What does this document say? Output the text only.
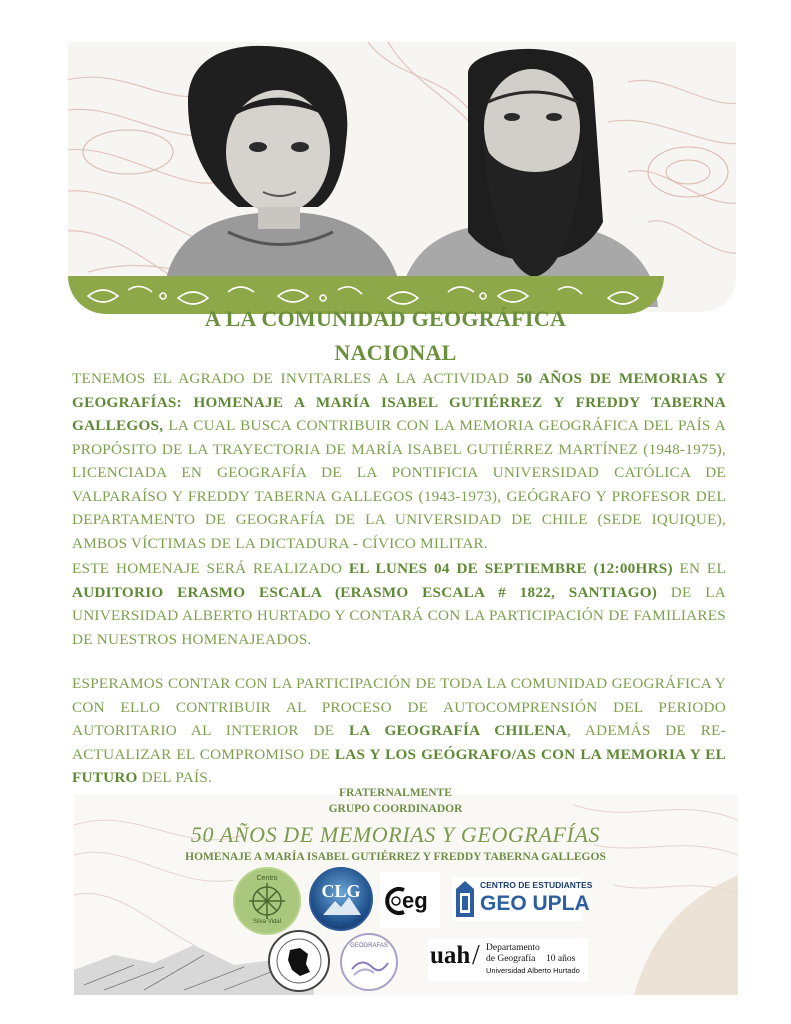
A LA COMUNIDAD GEOGRÁFICA
NACIONAL
TENEMOS EL AGRADO DE INVITARLES A LA ACTIVIDAD 50 AÑOS DE MEMORIAS Y GEOGRAFÍAS: HOMENAJE A MARÍA ISABEL GUTIÉRREZ Y FREDDY TABERNA GALLEGOS, LA CUAL BUSCA CONTRIBUIR CON LA MEMORIA GEOGRÁFICA DEL PAÍS A PROPÓSITO DE LA TRAYECTORIA DE MARÍA ISABEL GUTIÉRREZ MARTÍNEZ (1948-1975), LICENCIADA EN GEOGRAFÍA DE LA PONTIFICIA UNIVERSIDAD CATÓLICA DE VALPARAÍSO Y FREDDY TABERNA GALLEGOS (1943-1973), GEÓGRAFO Y PROFESOR DEL DEPARTAMENTO DE GEOGRAFÍA DE LA UNIVERSIDAD DE CHILE (SEDE IQUIQUE), AMBOS VÍCTIMAS DE LA DICTADURA - CÍVICO MILITAR.
ESTE HOMENAJE SERÁ REALIZADO EL LUNES 04 DE SEPTIEMBRE (12:00HRS) EN EL AUDITORIO ERASMO ESCALA (ERASMO ESCALA # 1822, SANTIAGO) DE LA UNIVERSIDAD ALBERTO HURTADO Y CONTARÁ CON LA PARTICIPACIÓN DE FAMILIARES DE NUESTROS HOMENAJEADOS.
ESPERAMOS CONTAR CON LA PARTICIPACIÓN DE TODA LA COMUNIDAD GEOGRÁFICA Y CON ELLO CONTRIBUIR AL PROCESO DE AUTOCOMPRENSIÓN DEL PERIODO AUTORITARIO AL INTERIOR DE LA GEOGRAFÍA CHILENA, ADEMÁS DE RE-ACTUALIZAR EL COMPROMISO DE LAS Y LOS GEÓGRAFO/AS CON LA MEMORIA Y EL FUTURO DEL PAÍS.
FRATERNALMENTE
GRUPO COORDINADOR
50 AÑOS DE MEMORIAS Y GEOGRAFÍAS
HOMENAJE A MARÍA ISABEL GUTIÉRREZ Y FREDDY TABERNA GALLEGOS
Centro
Silva Vidal
CLG	eg
CENTRO DE ESTUDIANTES
GEO UPLA
GEÓGRAFAS	uah / Departamento
de Geografía 10 años
Universidad Alberto Hurtado
